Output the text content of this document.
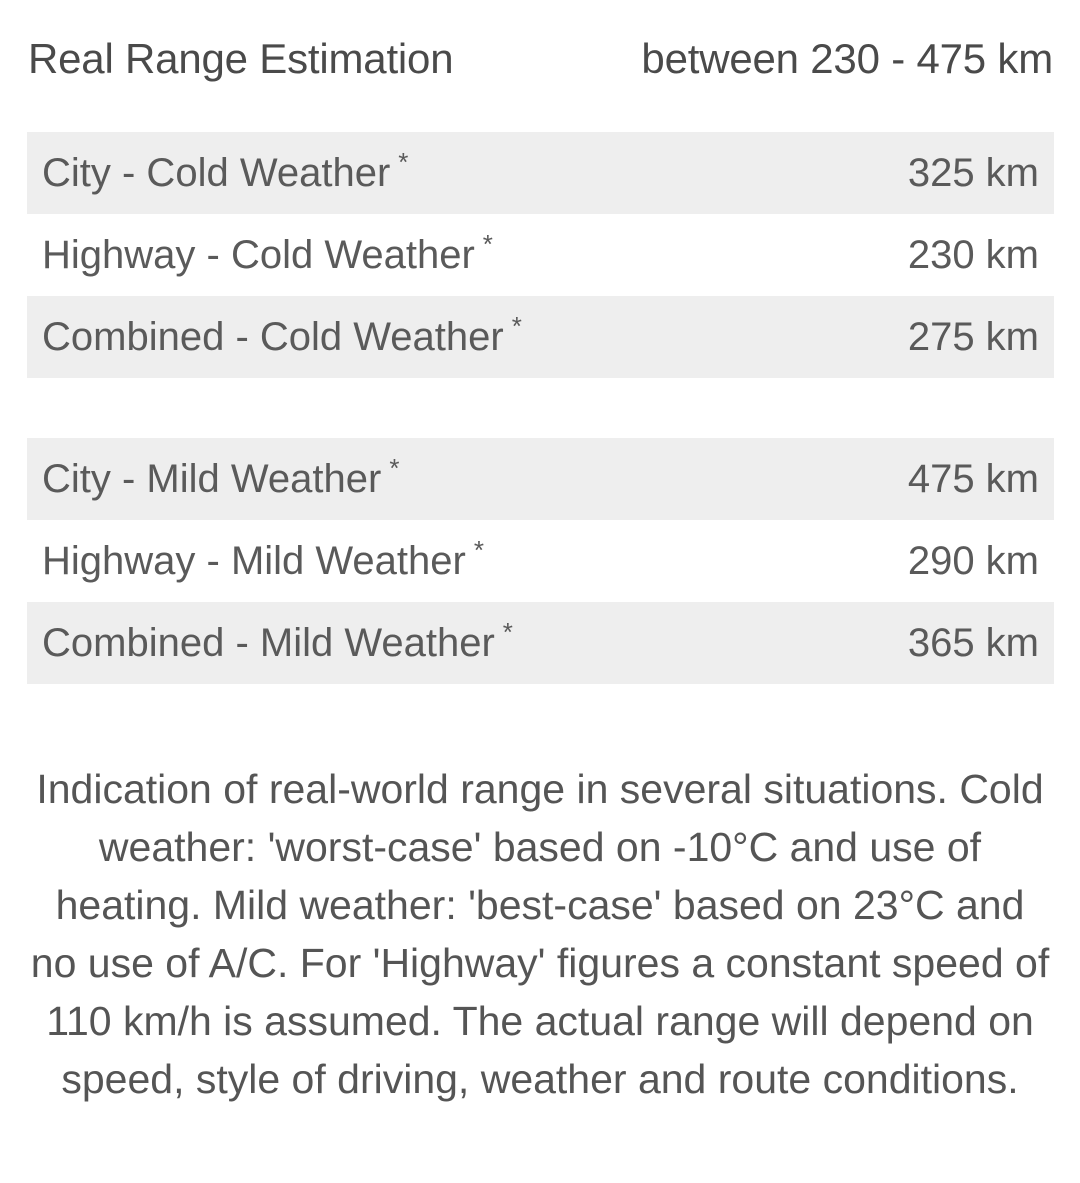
Real Range Estimation	between 230 - 475 km
City - Cold Weather *	325 km
Highway - Cold Weather *	230 km
Combined - Cold Weather *	275 km
City - Mild Weather *	475 km
Highway - Mild Weather *	290 km
Combined - Mild Weather *	365 km
Indication of real-world range in several situations. Cold weather: 'worst-case' based on -10°C and use of heating. Mild weather: 'best-case' based on 23°C and no use of A/C. For 'Highway' figures a constant speed of 110 km/h is assumed. The actual range will depend on speed, style of driving, weather and route conditions.
